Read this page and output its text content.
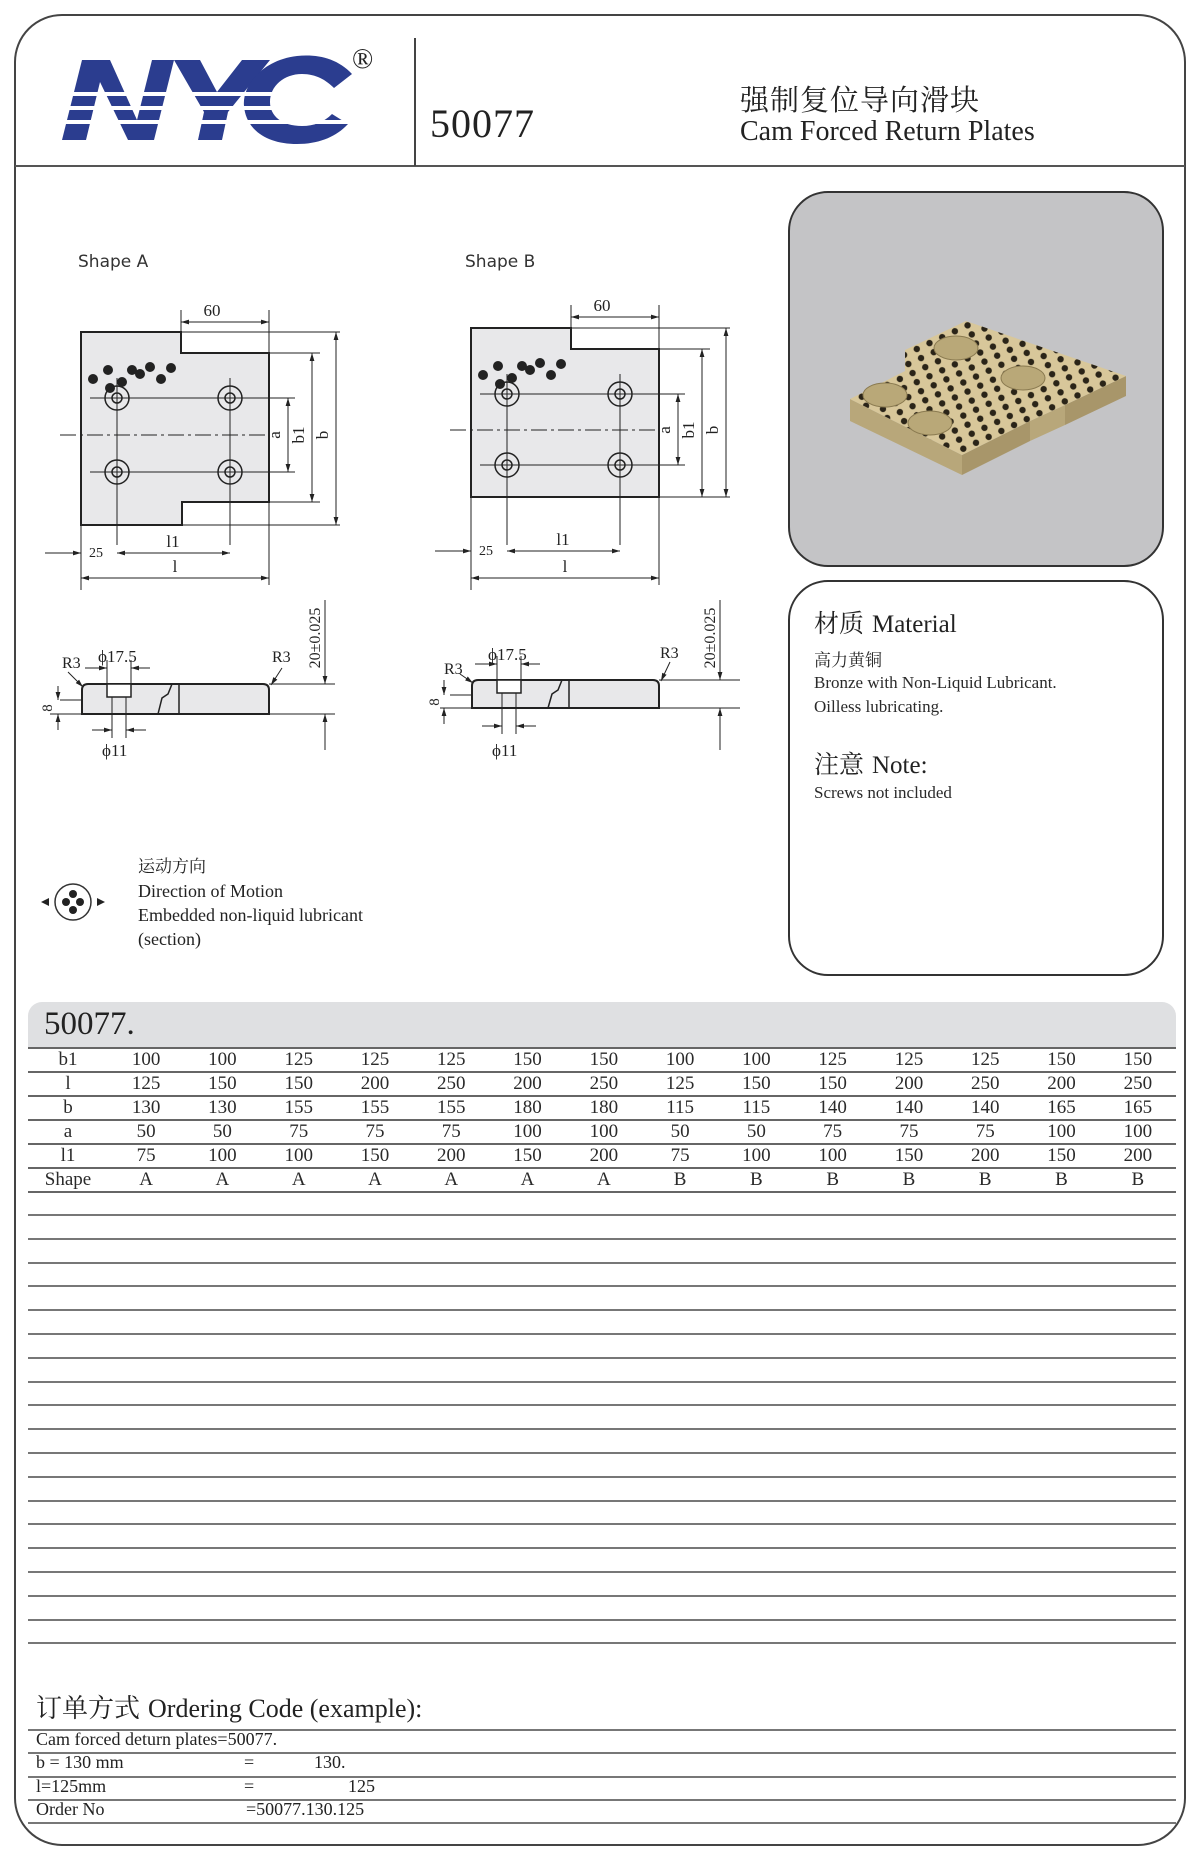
®
50077
强制复位导向滑块
Cam Forced Return Plates
Shape A	Shape B
60
25
l1
l
a b1 b
60
25
l1
l
a b1 b
R3	R3
ϕ17.5
ϕ11
8
20±0.025
R3
R3
ϕ17.5
ϕ11
8
20±0.025	材质 Material
高力黄铜
Bronze with Non-Liquid Lubricant.
Oilless lubricating.
注意 Note:
Screws not included
运动方向
Direction of Motion
Embedded non-liquid lubricant
(section)
50077.
b1	100	100	125	125	125	150	150	100	100	125	125	125	150	150
l	125	150	150	200	250	200	250	125	150	150	200	250	200	250
b	130	130	155	155	155	180	180	115	115	140	140	140	165	165
a	50	50	75	75	75	100	100	50	50	75	75	75	100	100
l1	75	100	100	150	200	150	200	75	100	100	150	200	150	200
Shape	A	A	A	A	A	A	A	B	B	B	B	B	B	B
订单方式 Ordering Code (example):
Cam forced deturn plates=50077.
b = 130 mm	=	130.
l=125mm	=	125
Order No	=50077.130.125
